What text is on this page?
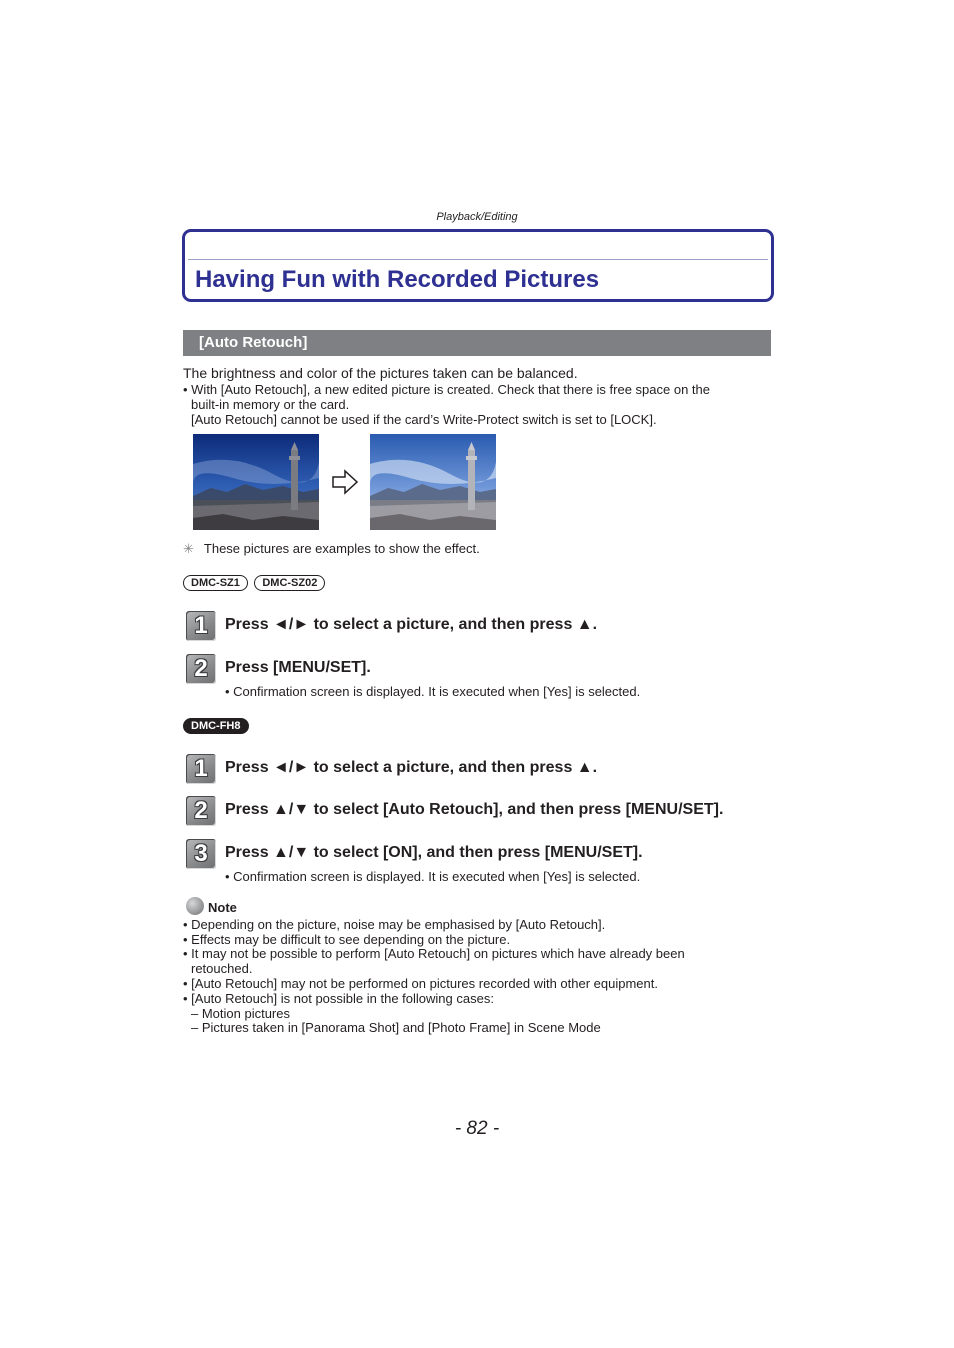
Playback/Editing
Having Fun with Recorded Pictures
[Auto Retouch]
The brightness and color of the pictures taken can be balanced.
• With [Auto Retouch], a new edited picture is created. Check that there is free space on the
built-in memory or the card.
[Auto Retouch] cannot be used if the card’s Write-Protect switch is set to [LOCK].
✳ These pictures are examples to show the effect.
DMC-SZ1 DMC-SZ02
1	Press ◄/► to select a picture, and then press ▲.
2	Press [MENU/SET].
• Confirmation screen is displayed. It is executed when [Yes] is selected.
DMC-FH8
1	Press ◄/► to select a picture, and then press ▲.
2	Press ▲/▼ to select [Auto Retouch], and then press [MENU/SET].
3	Press ▲/▼ to select [ON], and then press [MENU/SET].
• Confirmation screen is displayed. It is executed when [Yes] is selected.
Note
• Depending on the picture, noise may be emphasised by [Auto Retouch].
• Effects may be difficult to see depending on the picture.
• It may not be possible to perform [Auto Retouch] on pictures which have already been
retouched.
• [Auto Retouch] may not be performed on pictures recorded with other equipment.
• [Auto Retouch] is not possible in the following cases:
– Motion pictures
– Pictures taken in [Panorama Shot] and [Photo Frame] in Scene Mode
- 82 -
